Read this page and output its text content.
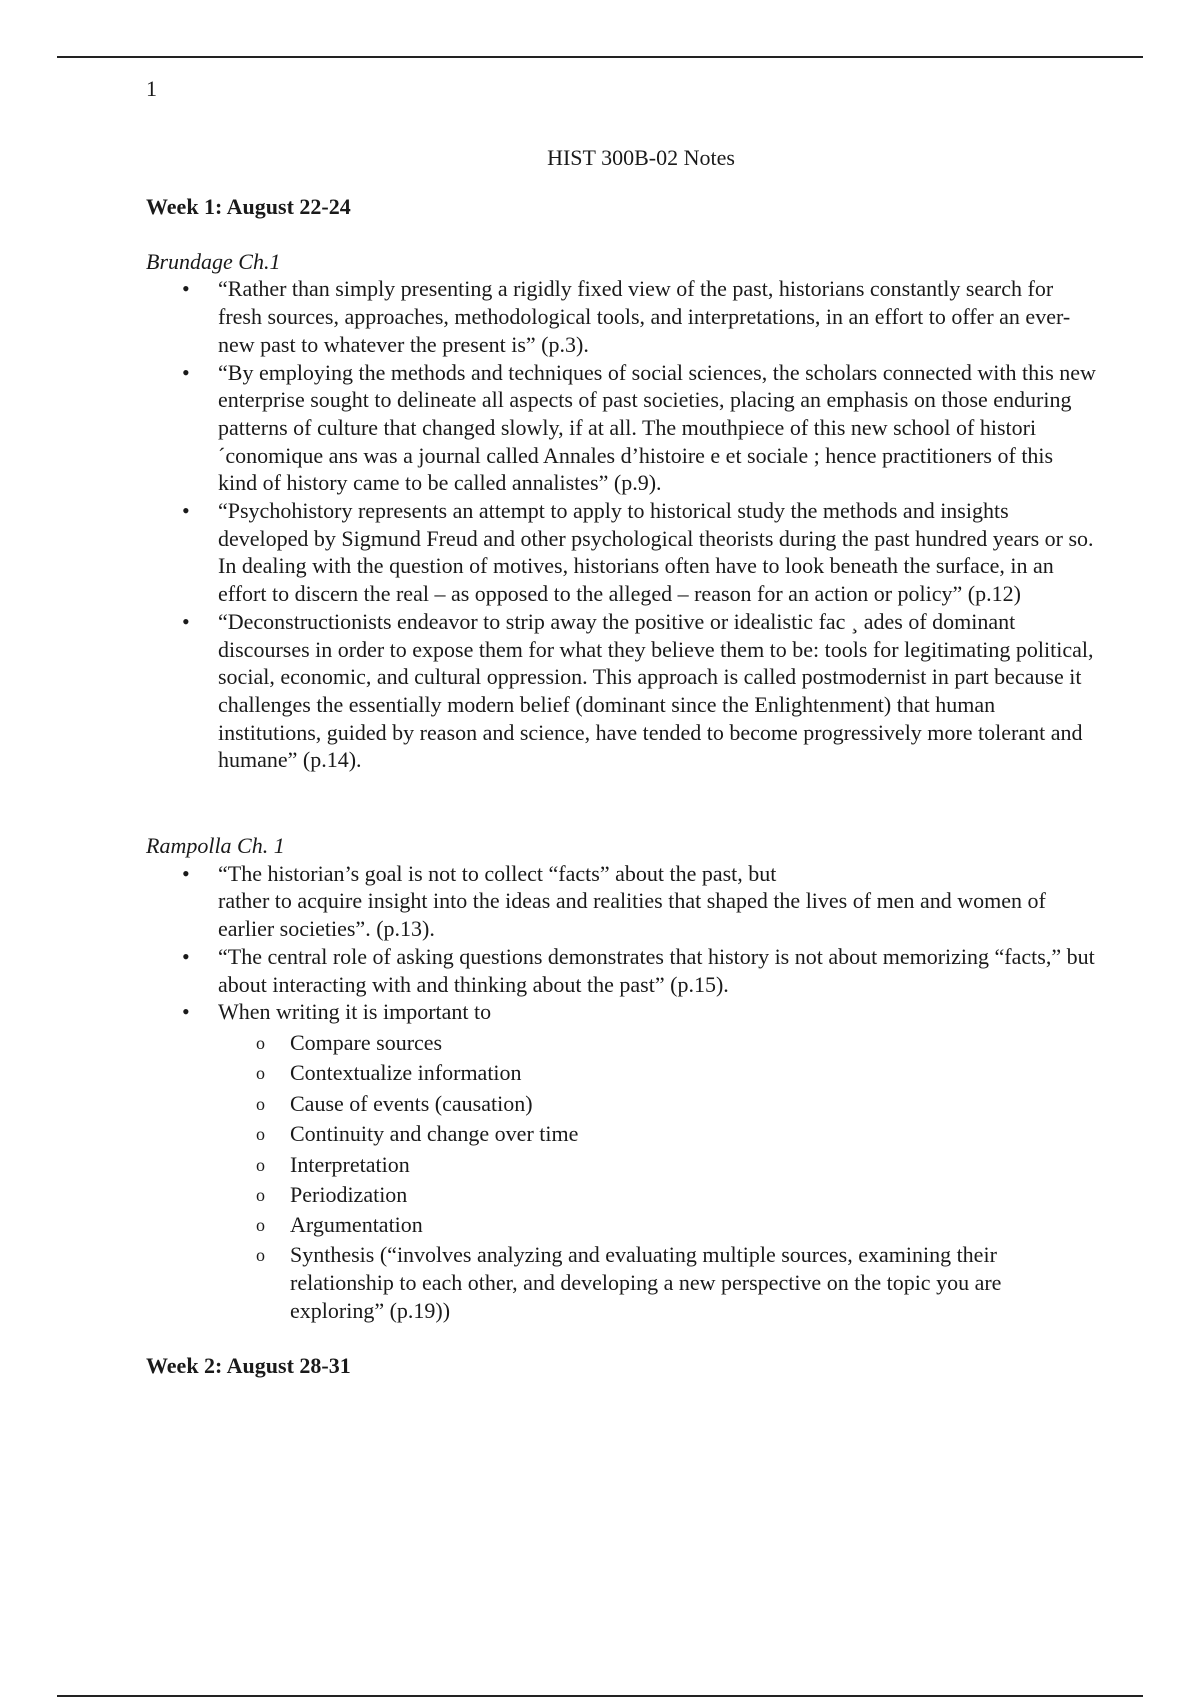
1

HIST 300B-02 Notes

Week 1: August 22-24
Brundage Ch.1
• “Rather than simply presenting a rigidly fixed view of the past, historians constantly search for fresh sources, approaches, methodological tools, and interpretations, in an effort to offer an ever-new past to whatever the present is” (p.3).
• “By employing the methods and techniques of social sciences, the scholars connected with this new enterprise sought to delineate all aspects of past societies, placing an emphasis on those enduring patterns of culture that changed slowly, if at all. The mouthpiece of this new school of histori´conomique ans was a journal called Annales d’histoire e et sociale ; hence practitioners of this kind of history came to be called annalistes” (p.9).
• “Psychohistory represents an attempt to apply to historical study the methods and insights developed by Sigmund Freud and other psychological theorists during the past hundred years or so. In dealing with the question of motives, historians often have to look beneath the surface, in an effort to discern the real – as opposed to the alleged – reason for an action or policy” (p.12)
• “Deconstructionists endeavor to strip away the positive or idealistic fac ¸ ades of dominant discourses in order to expose them for what they believe them to be: tools for legitimating political, social, economic, and cultural oppression. This approach is called postmodernist in part because it challenges the essentially modern belief (dominant since the Enlightenment) that human institutions, guided by reason and science, have tended to become progressively more tolerant and humane” (p.14).
Rampolla Ch. 1
• “The historian’s goal is not to collect “facts” about the past, but
rather to acquire insight into the ideas and realities that shaped the lives of men and women of earlier societies”. (p.13).
• “The central role of asking questions demonstrates that history is not about memorizing “facts,” but about interacting with and thinking about the past” (p.15).
• When writing it is important to
o Compare sources
o Contextualize information
o Cause of events (causation)
o Continuity and change over time
o Interpretation
o Periodization
o Argumentation
o Synthesis (“involves analyzing and evaluating multiple sources, examining their relationship to each other, and developing a new perspective on the topic you are exploring” (p.19))
Week 2: August 28-31
